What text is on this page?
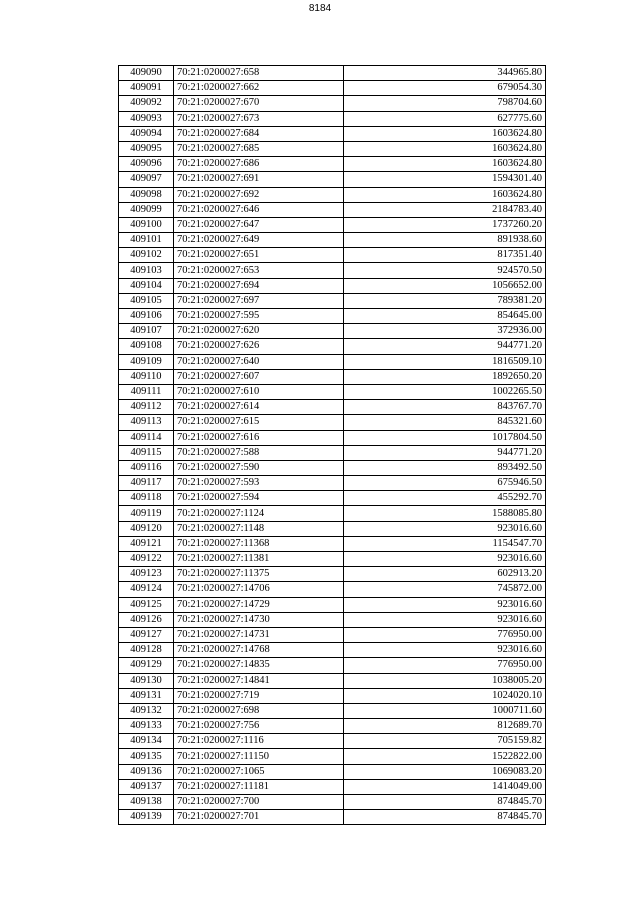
8184
409090	70:21:0200027:658	344965.80
409091	70:21:0200027:662	679054.30
409092	70:21:0200027:670	798704.60
409093	70:21:0200027:673	627775.60
409094	70:21:0200027:684	1603624.80
409095	70:21:0200027:685	1603624.80
409096	70:21:0200027:686	1603624.80
409097	70:21:0200027:691	1594301.40
409098	70:21:0200027:692	1603624.80
409099	70:21:0200027:646	2184783.40
409100	70:21:0200027:647	1737260.20
409101	70:21:0200027:649	891938.60
409102	70:21:0200027:651	817351.40
409103	70:21:0200027:653	924570.50
409104	70:21:0200027:694	1056652.00
409105	70:21:0200027:697	789381.20
409106	70:21:0200027:595	854645.00
409107	70:21:0200027:620	372936.00
409108	70:21:0200027:626	944771.20
409109	70:21:0200027:640	1816509.10
409110	70:21:0200027:607	1892650.20
409111	70:21:0200027:610	1002265.50
409112	70:21:0200027:614	843767.70
409113	70:21:0200027:615	845321.60
409114	70:21:0200027:616	1017804.50
409115	70:21:0200027:588	944771.20
409116	70:21:0200027:590	893492.50
409117	70:21:0200027:593	675946.50
409118	70:21:0200027:594	455292.70
409119	70:21:0200027:1124	1588085.80
409120	70:21:0200027:1148	923016.60
409121	70:21:0200027:11368	1154547.70
409122	70:21:0200027:11381	923016.60
409123	70:21:0200027:11375	602913.20
409124	70:21:0200027:14706	745872.00
409125	70:21:0200027:14729	923016.60
409126	70:21:0200027:14730	923016.60
409127	70:21:0200027:14731	776950.00
409128	70:21:0200027:14768	923016.60
409129	70:21:0200027:14835	776950.00
409130	70:21:0200027:14841	1038005.20
409131	70:21:0200027:719	1024020.10
409132	70:21:0200027:698	1000711.60
409133	70:21:0200027:756	812689.70
409134	70:21:0200027:1116	705159.82
409135	70:21:0200027:11150	1522822.00
409136	70:21:0200027:1065	1069083.20
409137	70:21:0200027:11181	1414049.00
409138	70:21:0200027:700	874845.70
409139	70:21:0200027:701	874845.70
